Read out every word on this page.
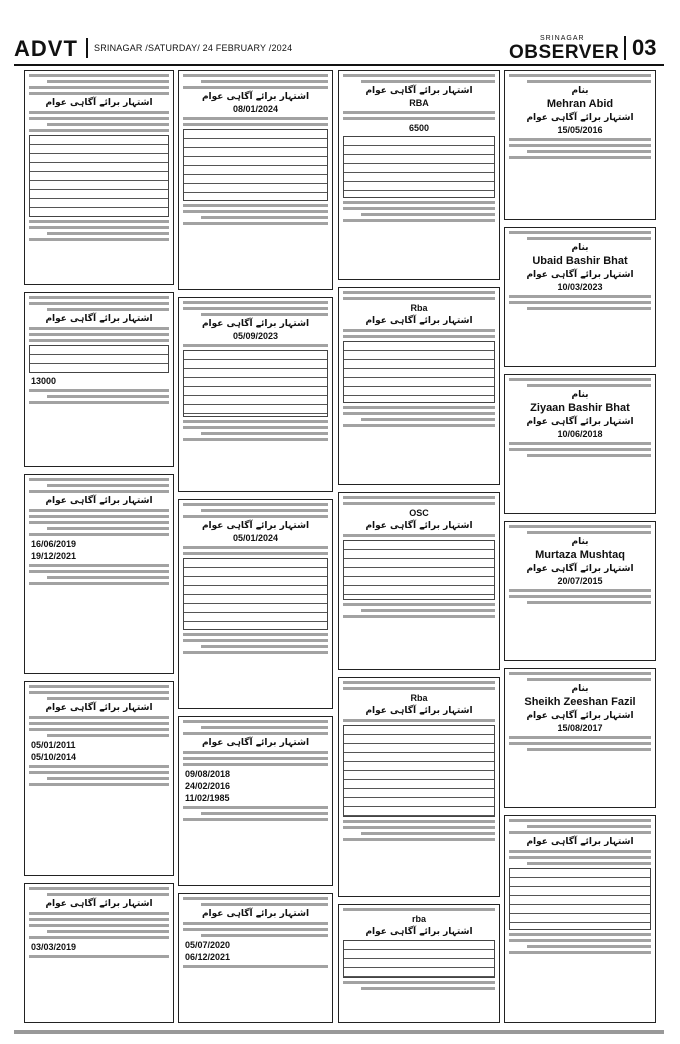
ADVT SRINAGAR /SATURDAY/ 24 FEBRUARY /2024
SRINAGAR
OBSERVER 03
اشتہار برائے آگاہی عوام
اشتہار برائے آگاہی عوام
13000
اشتہار برائے آگاہی عوام
16/06/2019
19/12/2021
اشتہار برائے آگاہی عوام
05/01/2011
05/10/2014
اشتہار برائے آگاہی عوام
03/03/2019
اشتہار برائے آگاہی عوام
08/01/2024
اشتہار برائے آگاہی عوام
05/09/2023
اشتہار برائے آگاہی عوام
05/01/2024
اشتہار برائے آگاہی عوام
09/08/2018
24/02/2016
11/02/1985
اشتہار برائے آگاہی عوام
05/07/2020
06/12/2021
اشتہار برائے آگاہی عوام
RBA
6500
Rba
اشتہار برائے آگاہی عوام
OSC
اشتہار برائے آگاہی عوام
Rba
اشتہار برائے آگاہی عوام
rba
اشتہار برائے آگاہی عوام
بنام
Mehran Abid
اشتہار برائے آگاہی عوام
15/05/2016
بنام
Ubaid Bashir Bhat
اشتہار برائے آگاہی عوام
10/03/2023
بنام
Ziyaan Bashir Bhat
اشتہار برائے آگاہی عوام
10/06/2018
بنام
Murtaza Mushtaq
اشتہار برائے آگاہی عوام
20/07/2015
بنام
Sheikh Zeeshan Fazil
اشتہار برائے آگاہی عوام
15/08/2017
اشتہار برائے آگاہی عوام
